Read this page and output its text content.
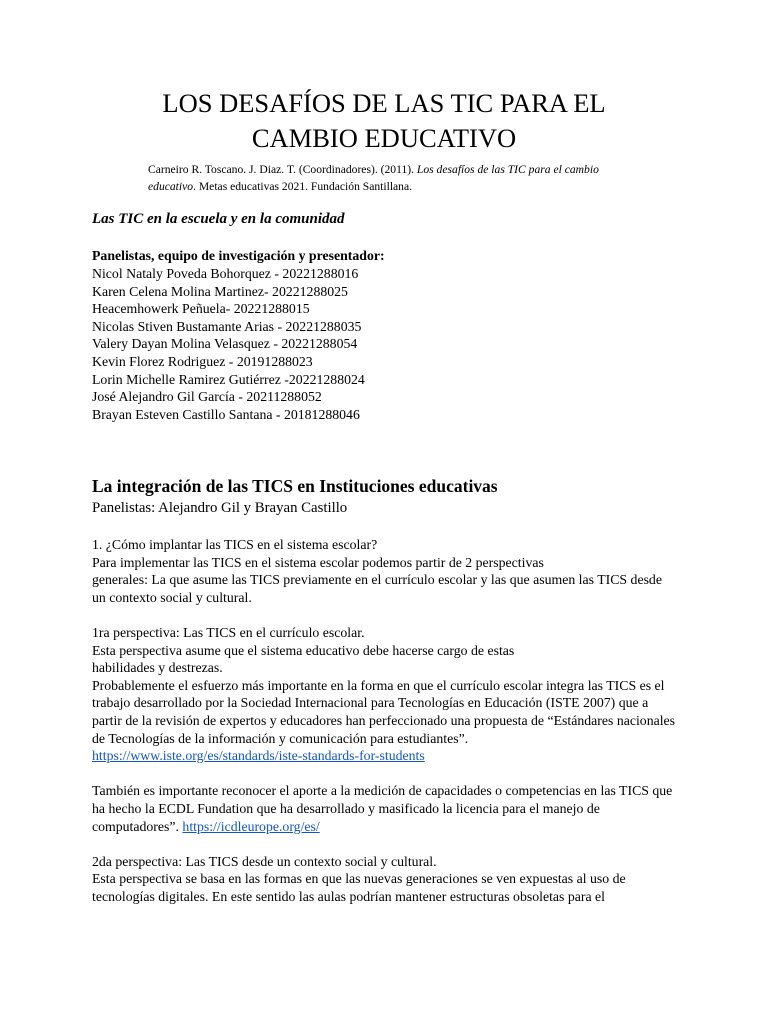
LOS DESAFÍOS DE LAS TIC PARA EL
CAMBIO EDUCATIVO

Carneiro R. Toscano. J. Diaz. T. (Coordinadores). (2011). Los desafíos de las TIC para el cambio educativo. Metas educativas 2021. Fundación Santillana.

Las TIC en la escuela y en la comunidad

Panelistas, equipo de investigación y presentador:

Nicol Nataly Poveda Bohorquez - 20221288016
Karen Celena Molina Martinez- 20221288025
Heacemhowerk Peñuela- 20221288015
Nicolas Stiven Bustamante Arias - 20221288035
Valery Dayan Molina Velasquez - 20221288054
Kevin Florez Rodriguez - 20191288023
Lorin Michelle Ramirez Gutiérrez -20221288024
José Alejandro Gil García - 20211288052
Brayan Esteven Castillo Santana - 20181288046
La integración de las TICS en Instituciones educativas

Panelistas: Alejandro Gil y Brayan Castillo

1. ¿Cómo implantar las TICS en el sistema escolar?

Para implementar las TICS en el sistema escolar podemos partir de 2 perspectivas

generales: La que asume las TICS previamente en el currículo escolar y las que asumen las TICS desde un contexto social y cultural.

1ra perspectiva: Las TICS en el currículo escolar.

Esta perspectiva asume que el sistema educativo debe hacerse cargo de estas

habilidades y destrezas.

Probablemente el esfuerzo más importante en la forma en que el currículo escolar integra las TICS es el trabajo desarrollado por la Sociedad Internacional para Tecnologías en Educación (ISTE 2007) que a partir de la revisión de expertos y educadores han perfeccionado una propuesta de “Estándares nacionales de Tecnologías de la información y comunicación para estudiantes”.

https://www.iste.org/es/standards/iste-standards-for-students

También es importante reconocer el aporte a la medición de capacidades o competencias en las TICS que ha hecho la ECDL Fundation que ha desarrollado y masificado la licencia para el manejo de computadores”. https://icdleurope.org/es/

2da perspectiva: Las TICS desde un contexto social y cultural.

Esta perspectiva se basa en las formas en que las nuevas generaciones se ven expuestas al uso de tecnologías digitales. En este sentido las aulas podrían mantener estructuras obsoletas para el
